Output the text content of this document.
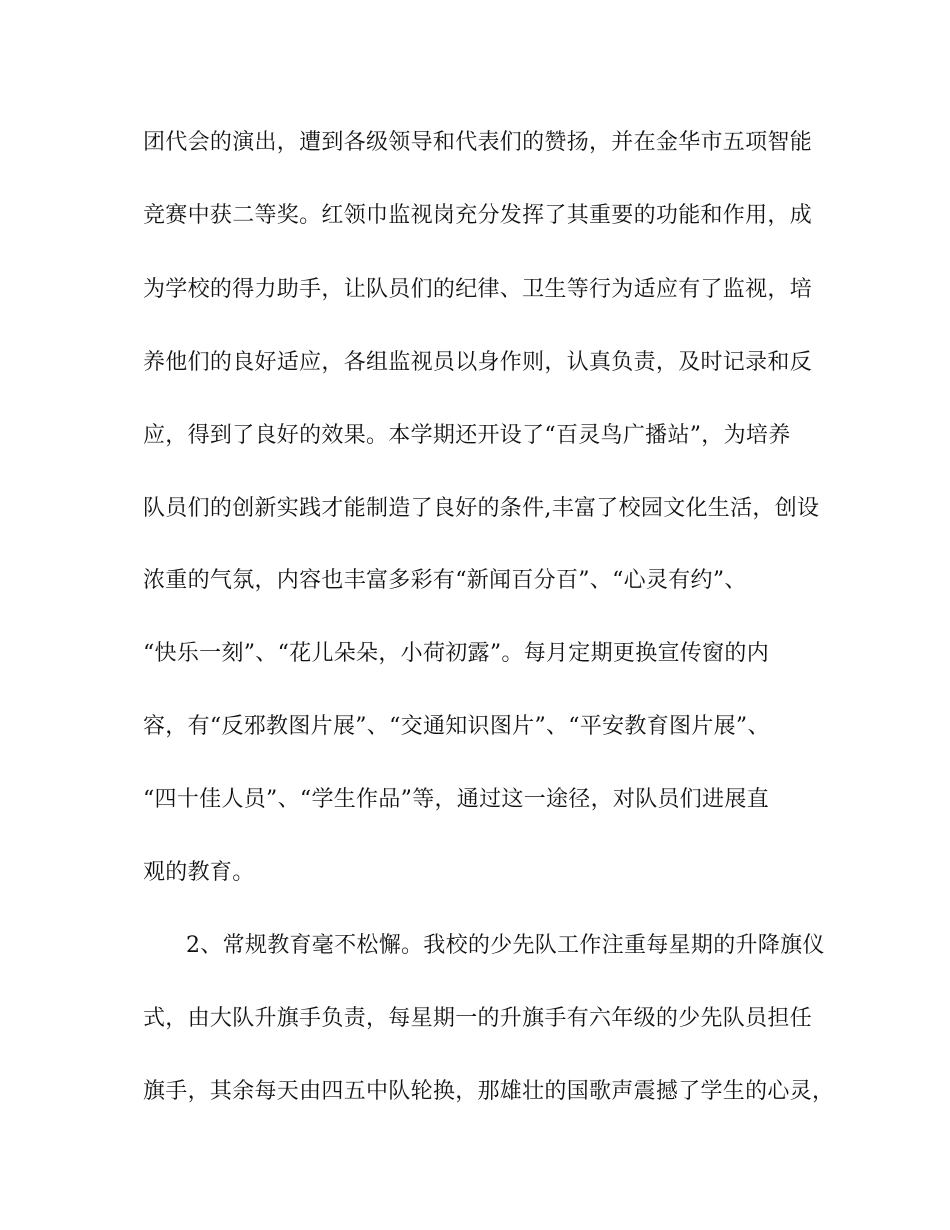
团代会的演出，遭到各级领导和代表们的赞扬，并在金华市五项智能
竞赛中获二等奖。红领巾监视岗充分发挥了其重要的功能和作用，成
为学校的得力助手，让队员们的纪律、卫生等行为适应有了监视，培
养他们的良好适应，各组监视员以身作则，认真负责，及时记录和反
应，得到了良好的效果。本学期还开设了“百灵鸟广播站”，为培养
队员们的创新实践才能制造了良好的条件,丰富了校园文化生活，创设
浓重的气氛，内容也丰富多彩有“新闻百分百”、“心灵有约”、
“快乐一刻”、“花儿朵朵，小荷初露”。每月定期更换宣传窗的内
容，有“反邪教图片展”、“交通知识图片”、“平安教育图片展”、
“四十佳人员”、“学生作品”等，通过这一途径，对队员们进展直
观的教育。
2、常规教育毫不松懈。我校的少先队工作注重每星期的升降旗仪
式，由大队升旗手负责，每星期一的升旗手有六年级的少先队员担任
旗手，其余每天由四五中队轮换，那雄壮的国歌声震撼了学生的心灵，
